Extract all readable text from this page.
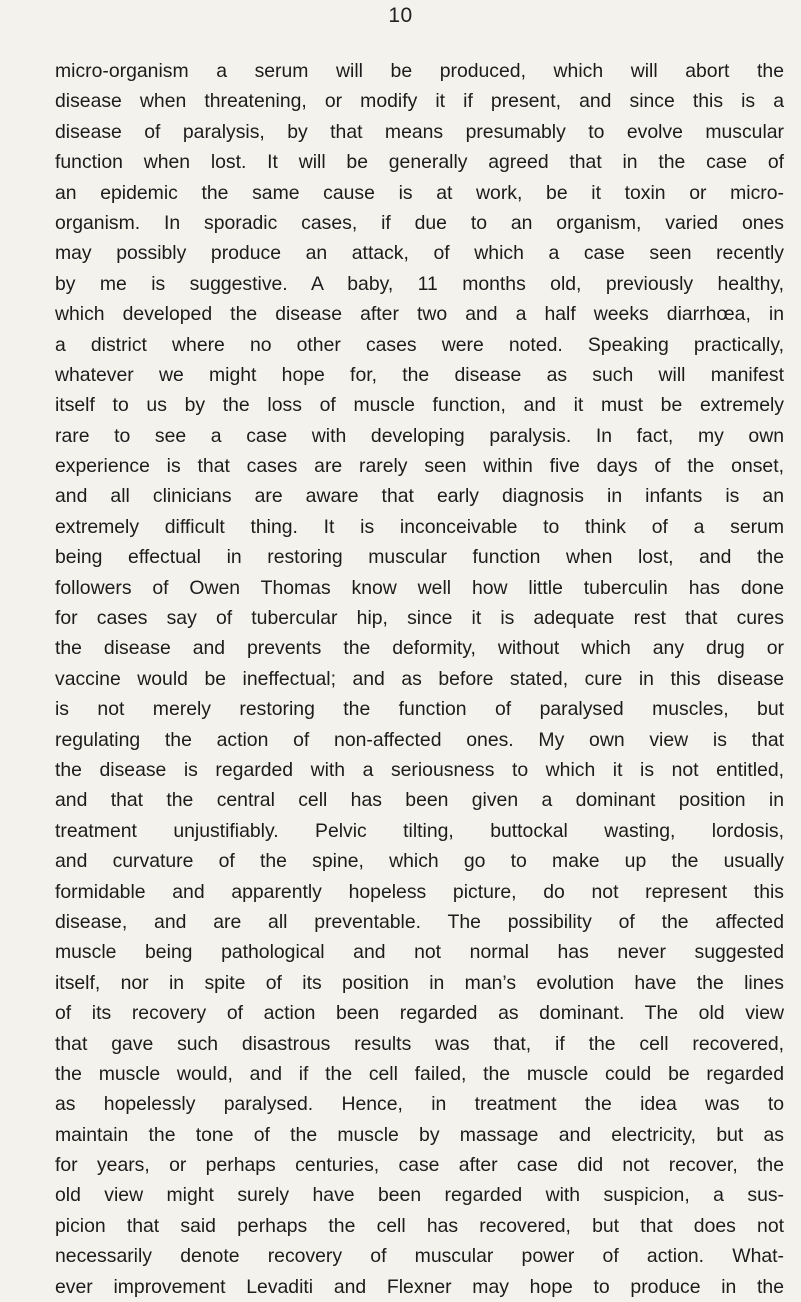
10
micro-organism a serum will be produced, which will abort the
disease when threatening, or modify it if present, and since this is a
disease of paralysis, by that means presumably to evolve muscular
function when lost. It will be generally agreed that in the case of
an epidemic the same cause is at work, be it toxin or micro-
organism. In sporadic cases, if due to an organism, varied ones
may possibly produce an attack, of which a case seen recently
by me is suggestive. A baby, 11 months old, previously healthy,
which developed the disease after two and a half weeks diarrhœa, in
a district where no other cases were noted. Speaking practically,
whatever we might hope for, the disease as such will manifest
itself to us by the loss of muscle function, and it must be extremely
rare to see a case with developing paralysis. In fact, my own
experience is that cases are rarely seen within five days of the onset,
and all clinicians are aware that early diagnosis in infants is an
extremely difficult thing. It is inconceivable to think of a serum
being effectual in restoring muscular function when lost, and the
followers of Owen Thomas know well how little tuberculin has done
for cases say of tubercular hip, since it is adequate rest that cures
the disease and prevents the deformity, without which any drug or
vaccine would be ineffectual; and as before stated, cure in this disease
is not merely restoring the function of paralysed muscles, but
regulating the action of non-affected ones. My own view is that
the disease is regarded with a seriousness to which it is not entitled,
and that the central cell has been given a dominant position in
treatment unjustifiably. Pelvic tilting, buttockal wasting, lordosis,
and curvature of the spine, which go to make up the usually
formidable and apparently hopeless picture, do not represent this
disease, and are all preventable. The possibility of the affected
muscle being pathological and not normal has never suggested
itself, nor in spite of its position in man’s evolution have the lines
of its recovery of action been regarded as dominant. The old view
that gave such disastrous results was that, if the cell recovered,
the muscle would, and if the cell failed, the muscle could be regarded
as hopelessly paralysed. Hence, in treatment the idea was to
maintain the tone of the muscle by massage and electricity, but as
for years, or perhaps centuries, case after case did not recover, the
old view might surely have been regarded with suspicion, a sus-
picion that said perhaps the cell has recovered, but that does not
necessarily denote recovery of muscular power of action. What-
ever improvement Levaditi and Flexner may hope to produce in the
